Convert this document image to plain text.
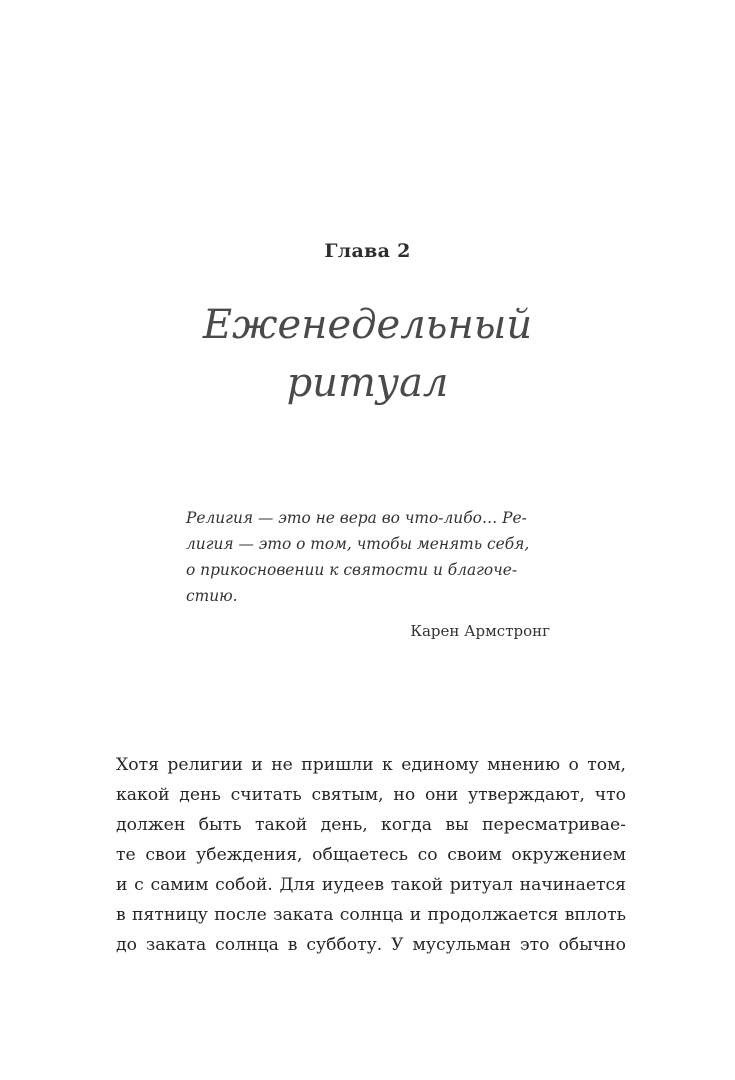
Глава 2
Еженедельный
ритуал
Религия — это не вера во что-либо… Ре-
лигия — это о том, чтобы менять себя,
о прикосновении к святости и благоче-
стию.
Карен Армстронг
Хотя религии и не пришли к единому мнению о том,
какой день считать святым, но они утверждают, что
должен быть такой день, когда вы пересматривае-
те свои убеждения, общаетесь со своим окружением
и с самим собой. Для иудеев такой ритуал начинается
в пятницу после заката солнца и продолжается вплоть
до заката солнца в субботу. У мусульман это обычно
